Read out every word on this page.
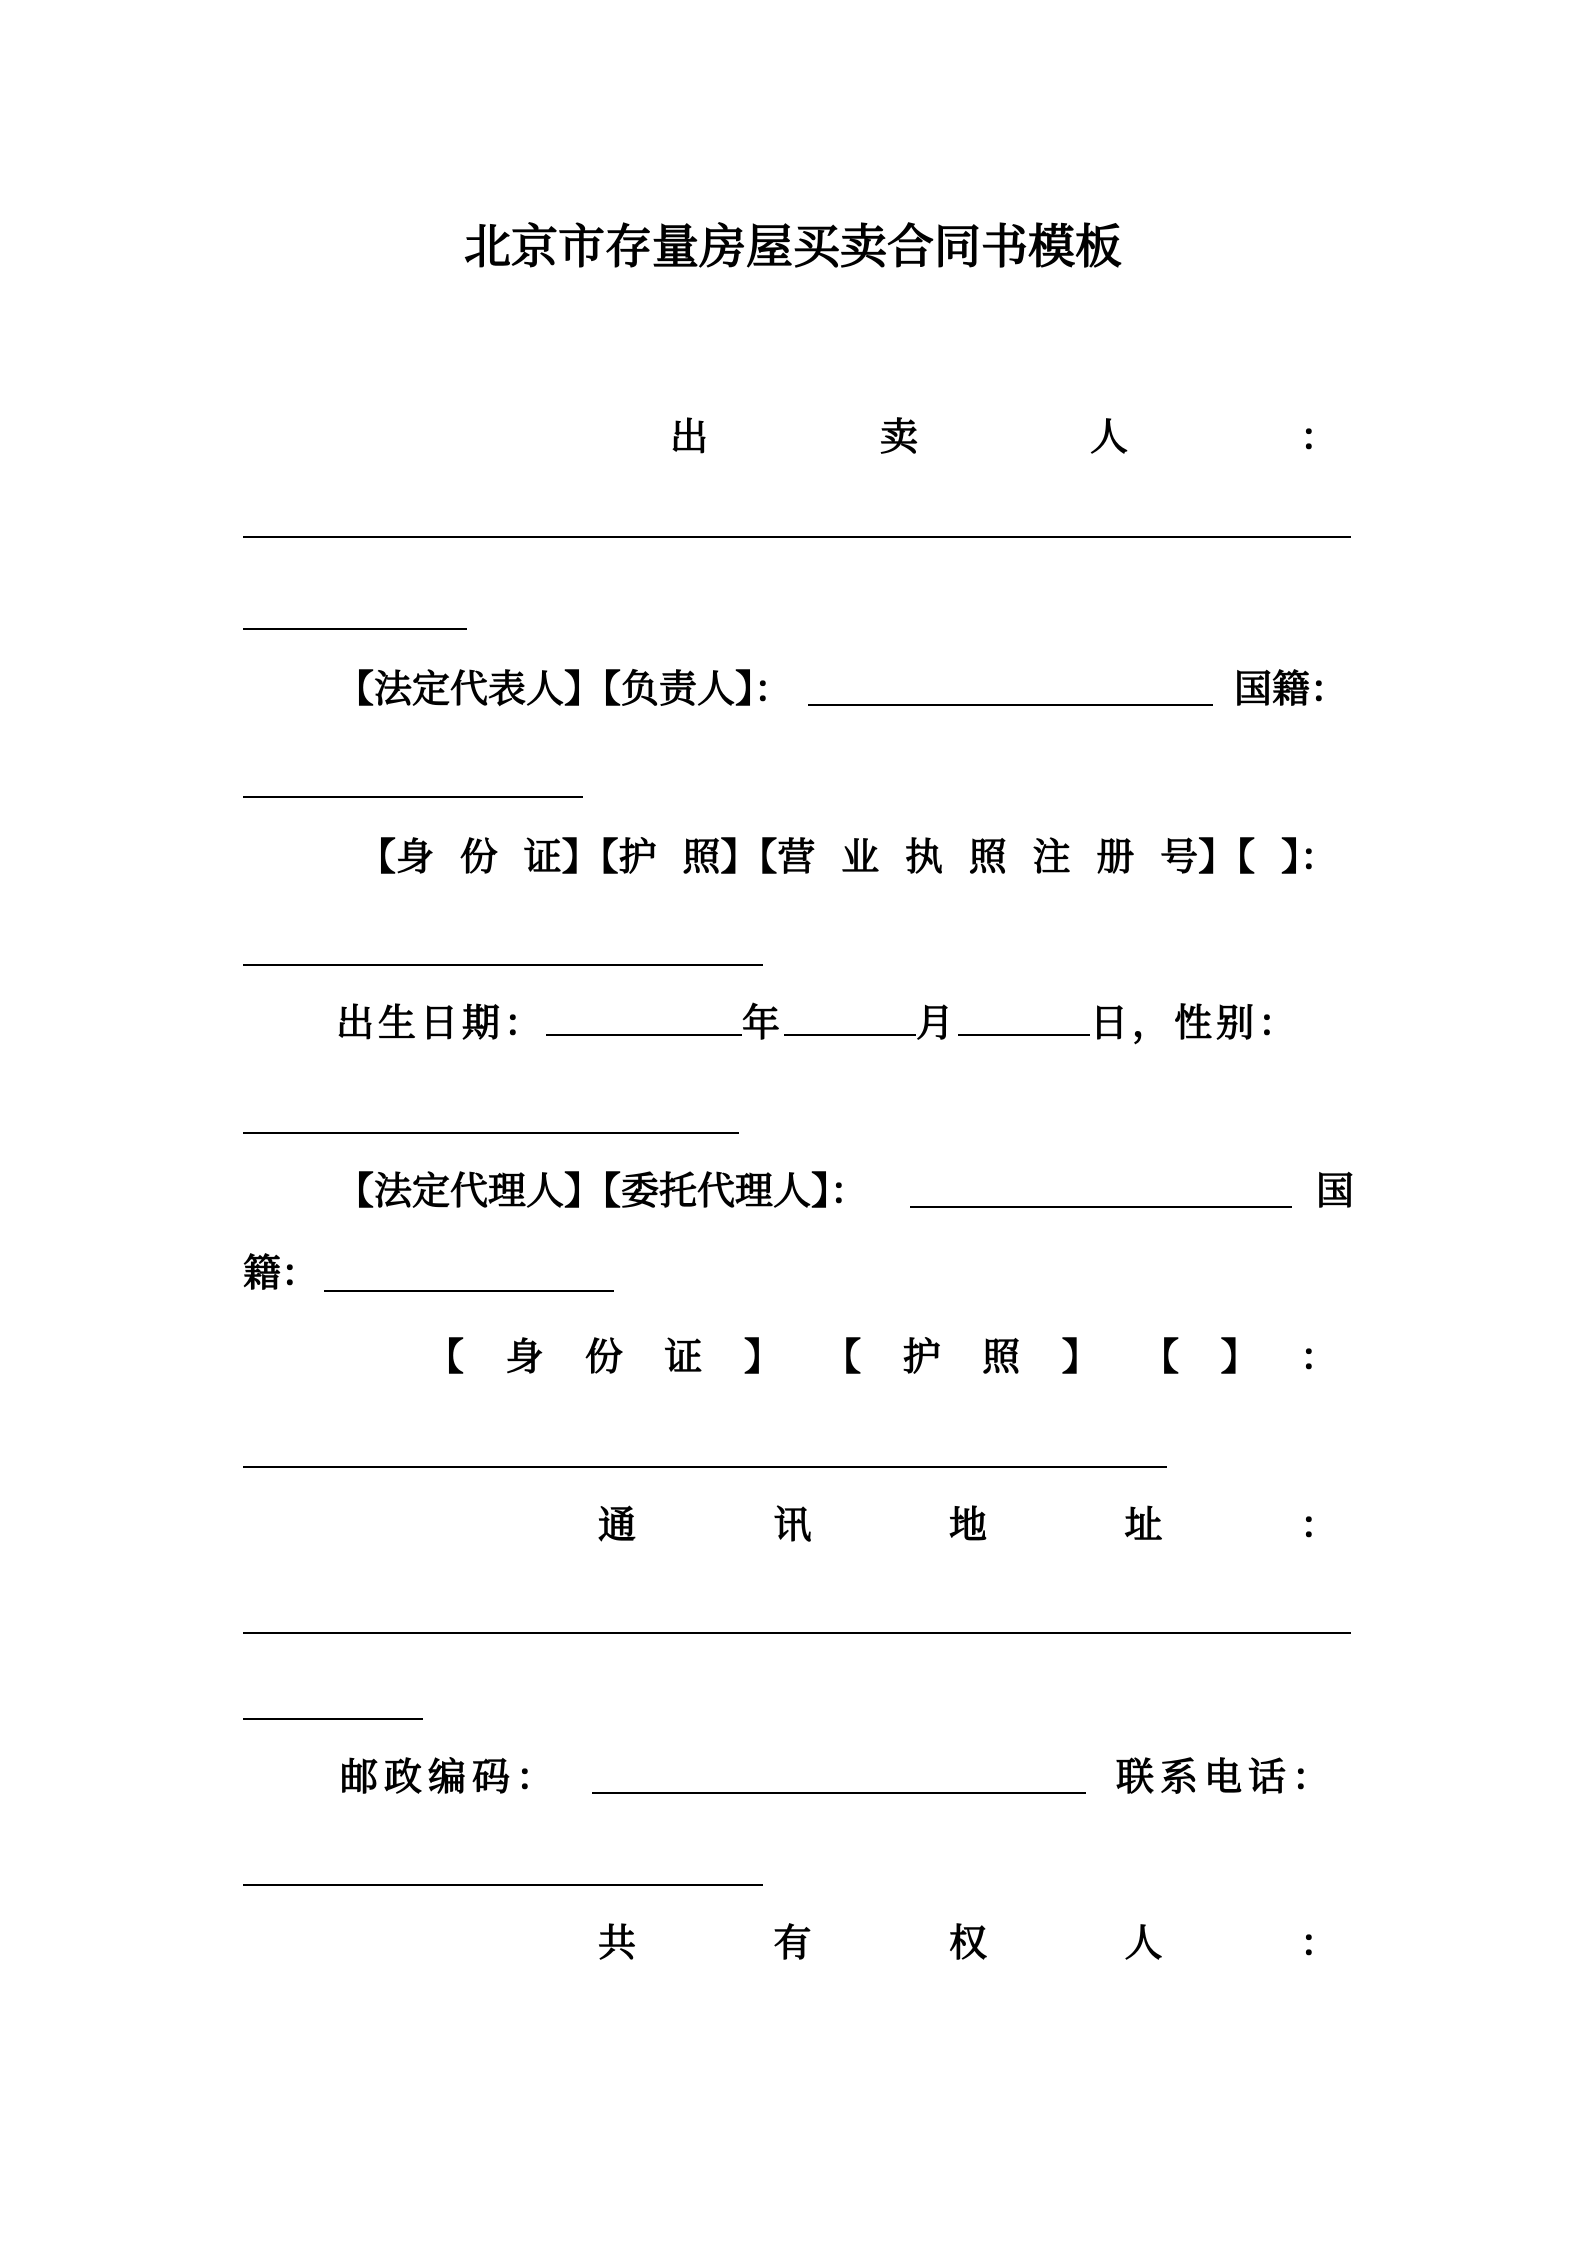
北京市存量房屋买卖合同书模板
出	卖	人	：
【法定代表人】【负责人】：	国籍：
【身 份 证】【护 照】【营 业 执 照 注 册 号】【 】：
出生日期：	年	月	日，性别：
【法定代理人】【委托代理人】：	国
籍：
【 身 份 证 】 【 护 照 】 【 】 ：
通	讯	地	址	：
邮政编码：	联系电话：
共	有	权	人	：
